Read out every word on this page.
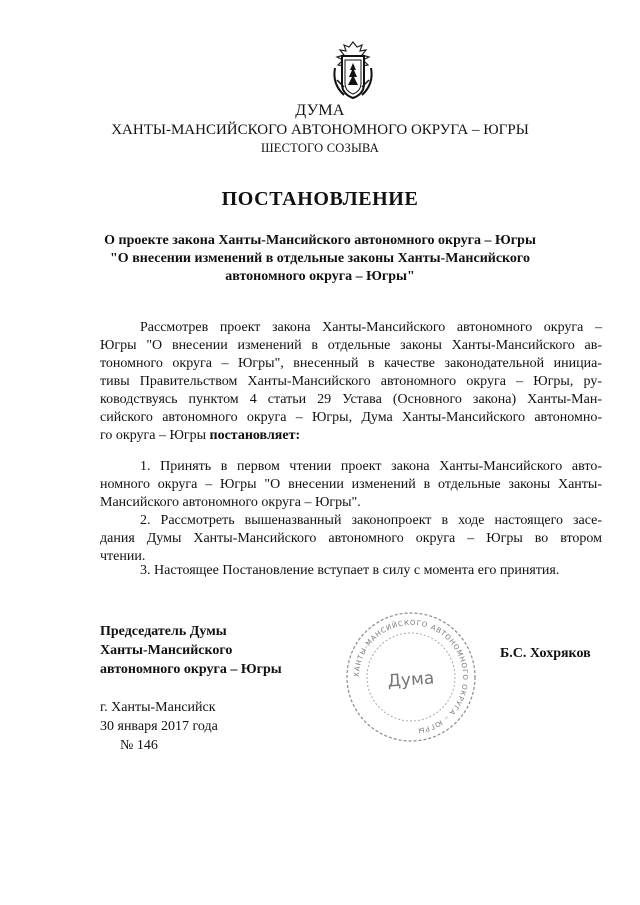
ДУМА
ХАНТЫ-МАНСИЙСКОГО АВТОНОМНОГО ОКРУГА – ЮГРЫ
ШЕСТОГО СОЗЫВА
ПОСТАНОВЛЕНИЕ
О проекте закона Ханты-Мансийского автономного округа – Югры
"О внесении изменений в отдельные законы Ханты-Мансийского
автономного округа – Югры"
Рассмотрев проект закона Ханты-Мансийского автономного округа –
Югры "О внесении изменений в отдельные законы Ханты-Мансийского ав-
тономного округа – Югры", внесенный в качестве законодательной инициа-
тивы Правительством Ханты-Мансийского автономного округа – Югры, ру-
ководствуясь пунктом 4 статьи 29 Устава (Основного закона) Ханты-Ман-
сийского автономного округа – Югры, Дума Ханты-Мансийского автономно-
го округа – Югры постановляет:
1. Принять в первом чтении проект закона Ханты-Мансийского авто-
номного округа – Югры "О внесении изменений в отдельные законы Ханты-
Мансийского автономного округа – Югры".
2. Рассмотреть вышеназванный законопроект в ходе настоящего засе-
дания Думы Ханты-Мансийского автономного округа – Югры во втором
чтении.
3. Настоящее Постановление вступает в силу с момента его принятия.
Председатель Думы
Ханты-Мансийского
автономного округа – Югры	ХАНТЫ-МАНСИЙСКОГО АВТОНОМНОГО ОКРУГА – ЮГРЫ
Дума
Б.С. Хохряков
г. Ханты-Мансийск
30 января 2017 года
№ 146
